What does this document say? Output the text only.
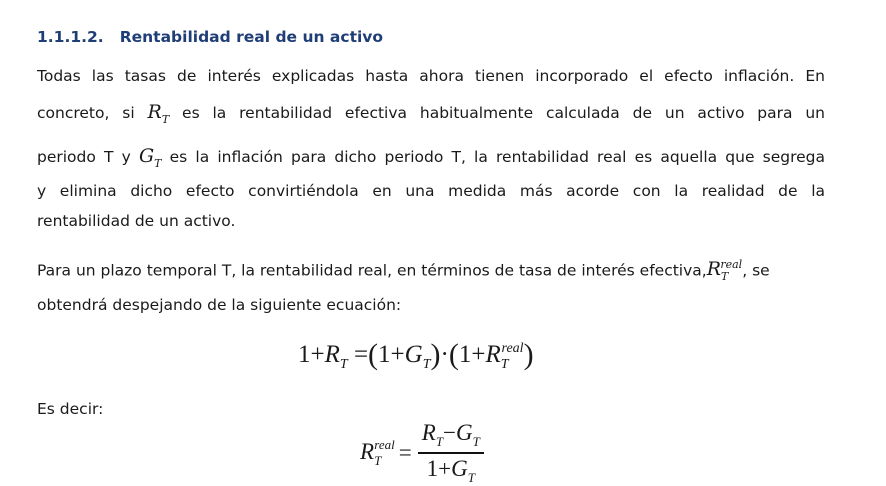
1.1.1.2. Rentabilidad real de un activo
Todas las tasas de interés explicadas hasta ahora tienen incorporado el efecto inflación. En
concreto, si $R_T$ es la rentabilidad efectiva habitualmente calculada de un activo para un
periodo T y $G_T$ es la inflación para dicho periodo T, la rentabilidad real es aquella que segrega
y elimina dicho efecto convirtiéndola en una medida más acorde con la realidad de la
rentabilidad de un activo.
Para un plazo temporal T, la rentabilidad real, en términos de tasa de interés $efectiva,R_T^{real}$, se
obtendrá despejando de la siguiente ecuación:
$1+R_T =(1+G_T)\cdot(1+R_T^{real})$
Es decir:
$R_T^{real} = \frac{R_T-G_T}{1+G_T}$
